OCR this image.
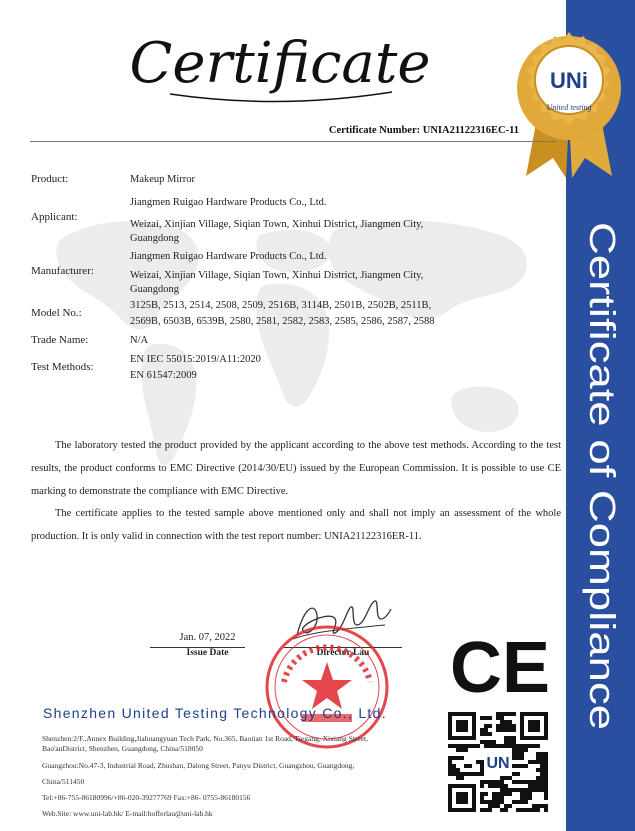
Certificate of Compliance
UNi
United testing
Certificate
Certificate Number: UNIA21122316EC-11
Product:	Makeup Mirror
Applicant:
Jiangmen Ruigao Hardware Products Co., Ltd.
Weizai, Xinjian Village, Siqian Town, Xinhui District, Jiangmen City,
Guangdong
Manufacturer:
Jiangmen Ruigao Hardware Products Co., Ltd.
Weizai, Xinjian Village, Siqian Town, Xinhui District, Jiangmen City,
Guangdong
Model No.:
3125B, 2513, 2514, 2508, 2509, 2516B, 3114B, 2501B, 2502B, 2511B,
2569B, 6503B, 6539B, 2580, 2581, 2582, 2583, 2585, 2586, 2587, 2588
Trade Name:	N/A
Test Methods:
EN IEC 55015:2019/A11:2020
EN 61547:2009
The laboratory tested the product provided by the applicant according to the above test methods. According to the test results, the product conforms to EMC Directive (2014/30/EU) issued by the European Commission. It is possible to use CE marking to demonstrate the compliance with EMC Directive.
The certificate applies to the tested sample above mentioned only and shall not imply an assessment of the whole production. It is only valid in connection with the test report number: UNIA21122316ER-11.
Jan. 07, 2022
Issue Date	Director Lau	CE
Shenzhen United Testing Technology Co., Ltd.
Shenzhen:2/F.,Annex Building,Jiahuangyuan Tech Park, No.365, Baotian 1st Road, Tiegang, Xixiang Street,
Bao'anDistrict, Shenzhen, Guangdong, China/518050
Guangzhou:No.47-3, Industrial Road, Zhushan, Dalong Street, Panyu District, Guangzhou, Guangdong,
China/511450
Tel:+86-755-86180996/+86-020-39277769 Fax:+86- 0755-86180156
Web.Site: www.uni-lab.hk/ E-mail:hofferlau@uni-lab.hk
UN
